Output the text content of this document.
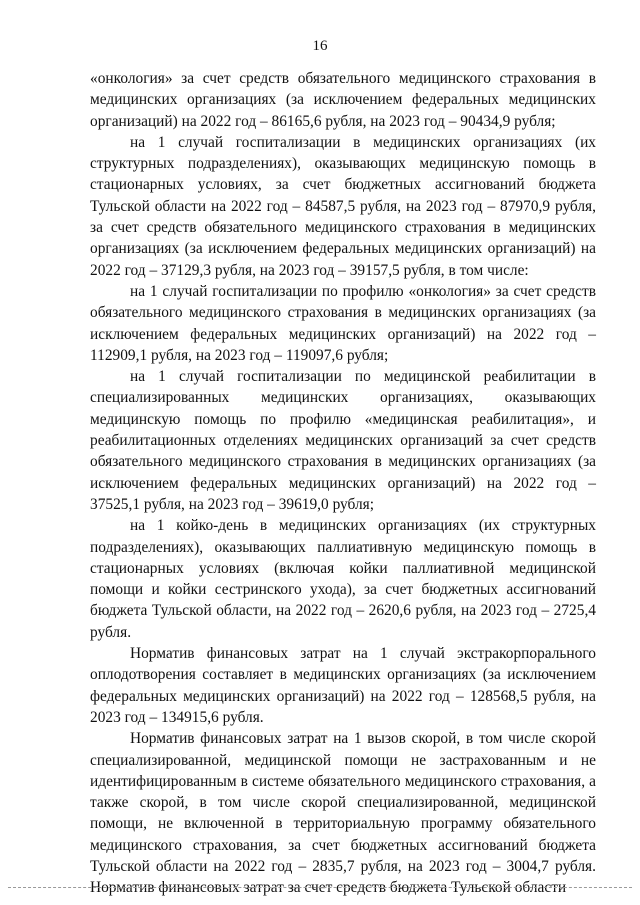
16

«онкология» за счет средств обязательного медицинского страхования в медицинских организациях (за исключением федеральных медицинских организаций) на 2022 год – 86165,6 рубля, на 2023 год – 90434,9 рубля;

на 1 случай госпитализации в медицинских организациях (их структурных подразделениях), оказывающих медицинскую помощь в стационарных условиях, за счет бюджетных ассигнований бюджета Тульской области на 2022 год – 84587,5 рубля, на 2023 год – 87970,9 рубля, за счет средств обязательного медицинского страхования в медицинских организациях (за исключением федеральных медицинских организаций) на 2022 год – 37129,3 рубля, на 2023 год – 39157,5 рубля, в том числе:

на 1 случай госпитализации по профилю «онкология» за счет средств обязательного медицинского страхования в медицинских организациях (за исключением федеральных медицинских организаций) на 2022 год – 112909,1 рубля, на 2023 год – 119097,6 рубля;

на 1 случай госпитализации по медицинской реабилитации в специализированных медицинских организациях, оказывающих медицинскую помощь по профилю «медицинская реабилитация», и реабилитационных отделениях медицинских организаций за счет средств обязательного медицинского страхования в медицинских организациях (за исключением федеральных медицинских организаций) на 2022 год – 37525,1 рубля, на 2023 год – 39619,0 рубля;

на 1 койко-день в медицинских организациях (их структурных подразделениях), оказывающих паллиативную медицинскую помощь в стационарных условиях (включая койки паллиативной медицинской помощи и койки сестринского ухода), за счет бюджетных ассигнований бюджета Тульской области, на 2022 год – 2620,6 рубля, на 2023 год – 2725,4 рубля.

Норматив финансовых затрат на 1 случай экстракорпорального оплодотворения составляет в медицинских организациях (за исключением федеральных медицинских организаций) на 2022 год – 128568,5 рубля, на 2023 год – 134915,6 рубля.

Норматив финансовых затрат на 1 вызов скорой, в том числе скорой специализированной, медицинской помощи не застрахованным и не идентифицированным в системе обязательного медицинского страхования, а также скорой, в том числе скорой специализированной, медицинской помощи, не включенной в территориальную программу обязательного медицинского страхования, за счет бюджетных ассигнований бюджета Тульской области на 2022 год – 2835,7 рубля, на 2023 год – 3004,7 рубля. Норматив финансовых затрат за счет средств бюджета Тульской области
